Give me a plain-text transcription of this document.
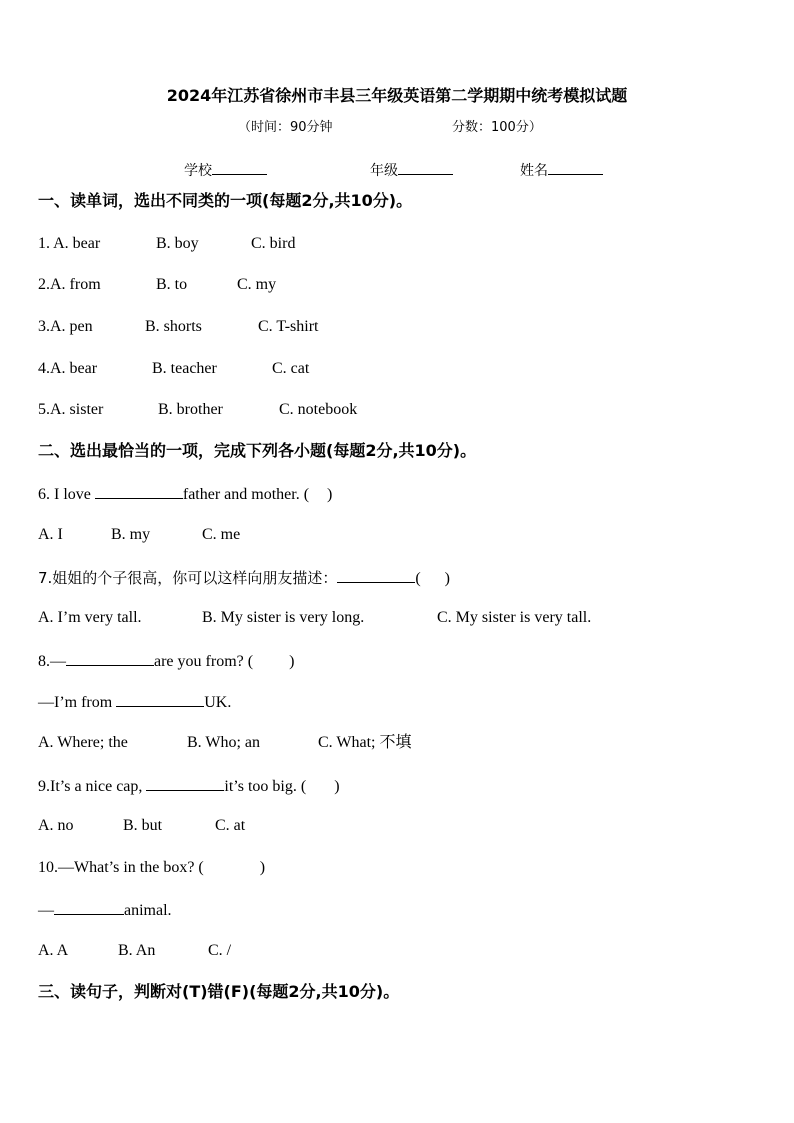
2024年江苏省徐州市丰县三年级英语第二学期期中统考模拟试题
（时间：90分钟	分数：100分）
学校	年级	姓名
一、读单词，选出不同类的一项(每题2分,共10分)。
1. A. bear	B. boy	C. bird
2.A. from	B. to	C. my
3.A. pen	B. shorts	C. T-shirt
4.A. bear	B. teacher	C. cat
5.A. sister	B. brother	C. notebook
二、选出最恰当的一项，完成下列各小题(每题2分,共10分)。
6. I love	father and mother. ( )
A. I	B. my	C. me
7.姐姐的个子很高，你可以这样向朋友描述：	( )
A. I’m very tall.	B. My sister is very long.	C. My sister is very tall.
8.—	are you from? ( )
—I’m from	UK.
A. Where; the	B. Who; an	C. What; 不填
9.It’s a nice cap,	it’s too big. ( )
A. no	B. but	C. at
10.—What’s in the box? (	)
—	animal.
A. A	B. An	C. /
三、读句子，判断对(T)错(F)(每题2分,共10分)。
